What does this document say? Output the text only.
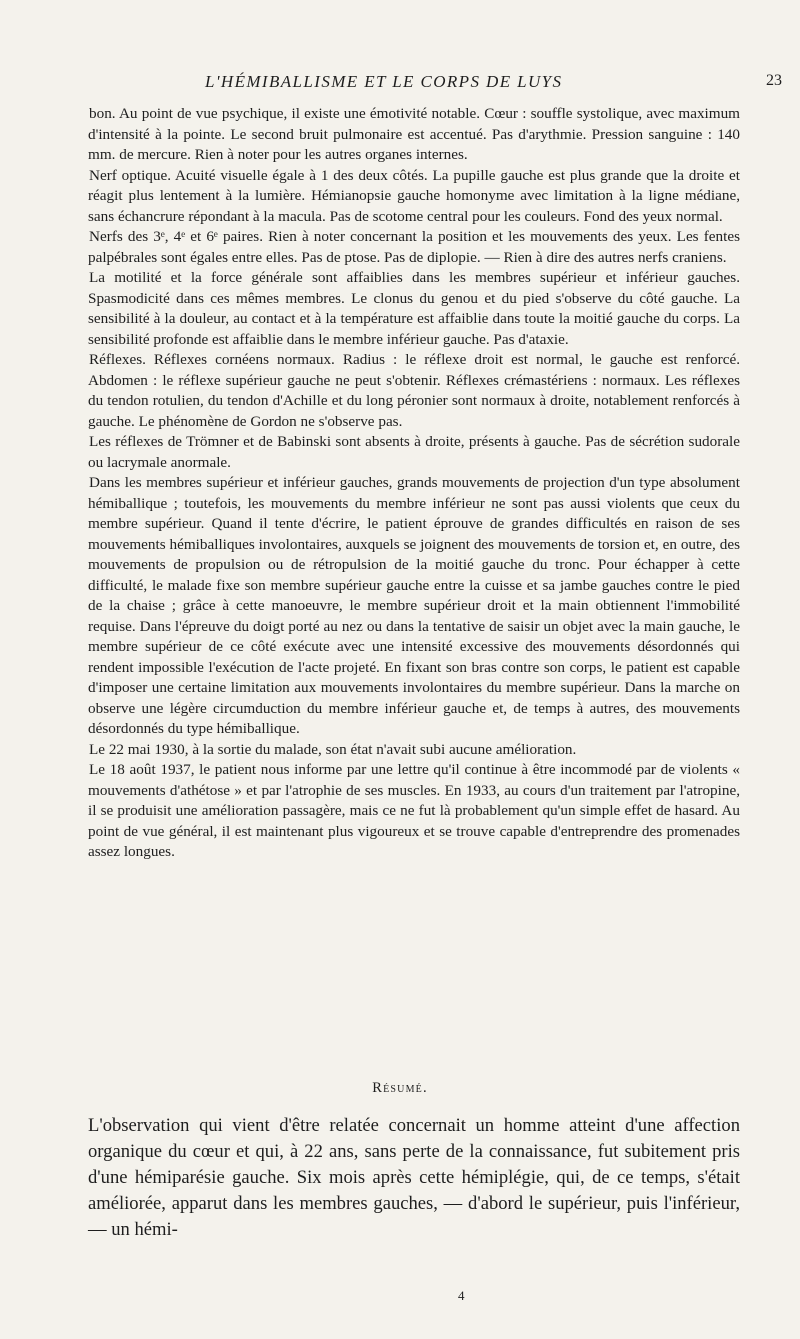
L'HÉMIBALLISME ET LE CORPS DE LUYS	23

bon. Au point de vue psychique, il existe une émotivité notable. Cœur : souffle systolique, avec maximum d'intensité à la pointe. Le second bruit pulmonaire est accentué. Pas d'arythmie. Pression sanguine : 140 mm. de mercure. Rien à noter pour les autres organes internes.

Nerf optique. Acuité visuelle égale à 1 des deux côtés. La pupille gauche est plus grande que la droite et réagit plus lentement à la lumière. Hémianopsie gauche homonyme avec limitation à la ligne médiane, sans échancrure répondant à la macula. Pas de scotome central pour les couleurs. Fond des yeux normal.

Nerfs des 3ᵉ, 4ᵉ et 6ᵉ paires. Rien à noter concernant la position et les mouvements des yeux. Les fentes palpébrales sont égales entre elles. Pas de ptose. Pas de diplopie. — Rien à dire des autres nerfs craniens.

La motilité et la force générale sont affaiblies dans les membres supérieur et inférieur gauches. Spasmodicité dans ces mêmes membres. Le clonus du genou et du pied s'observe du côté gauche. La sensibilité à la douleur, au contact et à la température est affaiblie dans toute la moitié gauche du corps. La sensibilité profonde est affaiblie dans le membre inférieur gauche. Pas d'ataxie.

Réflexes. Réflexes cornéens normaux. Radius : le réflexe droit est normal, le gauche est renforcé. Abdomen : le réflexe supérieur gauche ne peut s'obtenir. Réflexes crémastériens : normaux. Les réflexes du tendon rotulien, du tendon d'Achille et du long péronier sont normaux à droite, notablement renforcés à gauche. Le phénomène de Gordon ne s'observe pas.

Les réflexes de Trömner et de Babinski sont absents à droite, présents à gauche. Pas de sécrétion sudorale ou lacrymale anormale.

Dans les membres supérieur et inférieur gauches, grands mouvements de projection d'un type absolument hémiballique ; toutefois, les mouvements du membre inférieur ne sont pas aussi violents que ceux du membre supérieur. Quand il tente d'écrire, le patient éprouve de grandes difficultés en raison de ses mouvements hémiballiques involontaires, auxquels se joignent des mouvements de torsion et, en outre, des mouvements de propulsion ou de rétropulsion de la moitié gauche du tronc. Pour échapper à cette difficulté, le malade fixe son membre supérieur gauche entre la cuisse et sa jambe gauches contre le pied de la chaise ; grâce à cette manoeuvre, le membre supérieur droit et la main obtiennent l'immobilité requise. Dans l'épreuve du doigt porté au nez ou dans la tentative de saisir un objet avec la main gauche, le membre supérieur de ce côté exécute avec une intensité excessive des mouvements désordonnés qui rendent impossible l'exécution de l'acte projeté. En fixant son bras contre son corps, le patient est capable d'imposer une certaine limitation aux mouvements involontaires du membre supérieur. Dans la marche on observe une légère circumduction du membre inférieur gauche et, de temps à autres, des mouvements désordonnés du type hémiballique.

Le 22 mai 1930, à la sortie du malade, son état n'avait subi aucune amélioration.

Le 18 août 1937, le patient nous informe par une lettre qu'il continue à être incommodé par de violents « mouvements d'athétose » et par l'atrophie de ses muscles. En 1933, au cours d'un traitement par l'atropine, il se produisit une amélioration passagère, mais ce ne fut là probablement qu'un simple effet de hasard. Au point de vue général, il est maintenant plus vigoureux et se trouve capable d'entreprendre des promenades assez longues.

Résumé.

L'observation qui vient d'être relatée concernait un homme atteint d'une affection organique du cœur et qui, à 22 ans, sans perte de la connaissance, fut subitement pris d'une hémiparésie gauche. Six mois après cette hémiplégie, qui, de ce temps, s'était améliorée, apparut dans les membres gauches, — d'abord le supérieur, puis l'inférieur, — un hémi-

4
